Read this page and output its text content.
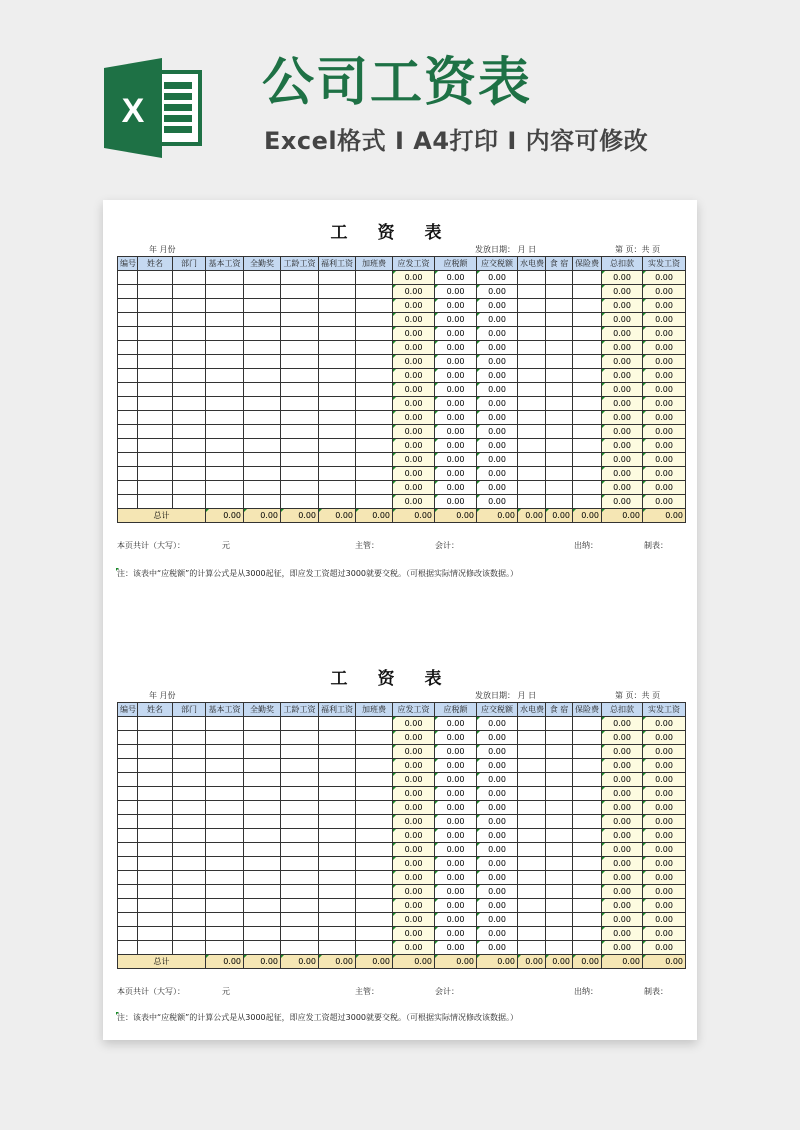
X 公司工资表
Excel格式 I A4打印 I 内容可修改
工资表
年 月份	发放日期： 月 日	第 页：共 页
编号	姓名	部门	基本工资	全勤奖	工龄工资	福利工资	加班费	应发工资	应税额	应交税额	水电费	食 宿	保险费	总扣款	实发工资
								0.00	0.00	0.00				0.00	0.00
								0.00	0.00	0.00				0.00	0.00
								0.00	0.00	0.00				0.00	0.00
								0.00	0.00	0.00				0.00	0.00
								0.00	0.00	0.00				0.00	0.00
								0.00	0.00	0.00				0.00	0.00
								0.00	0.00	0.00				0.00	0.00
								0.00	0.00	0.00				0.00	0.00
								0.00	0.00	0.00				0.00	0.00
								0.00	0.00	0.00				0.00	0.00
								0.00	0.00	0.00				0.00	0.00
								0.00	0.00	0.00				0.00	0.00
								0.00	0.00	0.00				0.00	0.00
								0.00	0.00	0.00				0.00	0.00
								0.00	0.00	0.00				0.00	0.00
								0.00	0.00	0.00				0.00	0.00
								0.00	0.00	0.00				0.00	0.00
总计			0.00	0.00	0.00	0.00	0.00	0.00	0.00	0.00	0.00	0.00	0.00	0.00	0.00
本页共计（大写）：	元	主管：	会计：	出纳：	制表：
注：该表中“应税额”的计算公式是从3000起征，即应发工资超过3000就要交税。（可根据实际情况修改该数据。）
工资表
年 月份	发放日期： 月 日	第 页：共 页
编号	姓名	部门	基本工资	全勤奖	工龄工资	福利工资	加班费	应发工资	应税额	应交税额	水电费	食 宿	保险费	总扣款	实发工资
								0.00	0.00	0.00				0.00	0.00
								0.00	0.00	0.00				0.00	0.00
								0.00	0.00	0.00				0.00	0.00
								0.00	0.00	0.00				0.00	0.00
								0.00	0.00	0.00				0.00	0.00
								0.00	0.00	0.00				0.00	0.00
								0.00	0.00	0.00				0.00	0.00
								0.00	0.00	0.00				0.00	0.00
								0.00	0.00	0.00				0.00	0.00
								0.00	0.00	0.00				0.00	0.00
								0.00	0.00	0.00				0.00	0.00
								0.00	0.00	0.00				0.00	0.00
								0.00	0.00	0.00				0.00	0.00
								0.00	0.00	0.00				0.00	0.00
								0.00	0.00	0.00				0.00	0.00
								0.00	0.00	0.00				0.00	0.00
								0.00	0.00	0.00				0.00	0.00
总计			0.00	0.00	0.00	0.00	0.00	0.00	0.00	0.00	0.00	0.00	0.00	0.00	0.00
本页共计（大写）：	元	主管：	会计：	出纳：	制表：
注：该表中“应税额”的计算公式是从3000起征，即应发工资超过3000就要交税。（可根据实际情况修改该数据。）
